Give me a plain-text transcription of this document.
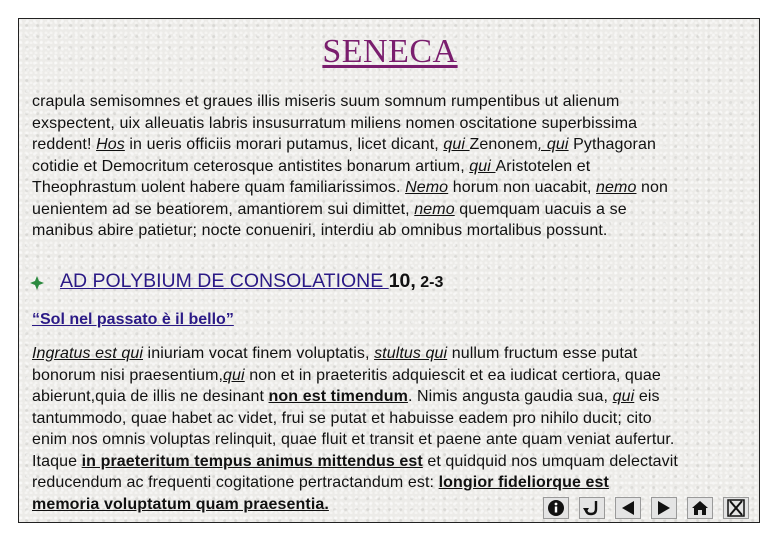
SENECA
crapula semisomnes et graues illis miseris suum somnum rumpentibus ut alienum
exspectent, uix alleuatis labris insusurratum miliens nomen oscitatione superbissima
reddent! Hos in ueris officiis morari putamus, licet dicant, qui Zenonem, qui Pythagoran
cotidie et Democritum ceterosque antistites bonarum artium, qui Aristotelen et
Theophrastum uolent habere quam familiarissimos. Nemo horum non uacabit, nemo non
uenientem ad se beatiorem, amantiorem sui dimittet, nemo quemquam uacuis a se
manibus abire patietur; nocte conueniri, interdiu ab omnibus mortalibus possunt.
AD POLYBIUM DE CONSOLATIONE 10, 2-3
“Sol nel passato è il bello”
Ingratus est qui iniuriam vocat finem voluptatis, stultus qui nullum fructum esse putat
bonorum nisi praesentium,qui non et in praeteritis adquiescit et ea iudicat certiora, quae
abierunt,quia de illis ne desinant non est timendum. Nimis angusta gaudia sua, qui eis
tantummodo, quae habet ac videt, frui se putat et habuisse eadem pro nihilo ducit; cito
enim nos omnis voluptas relinquit, quae fluit et transit et paene ante quam veniat aufertur.
Itaque in praeteritum tempus animus mittendus est et quidquid nos umquam delectavit
reducendum ac frequenti cogitatione pertractandum est: longior fideliorque est
memoria voluptatum quam praesentia.
